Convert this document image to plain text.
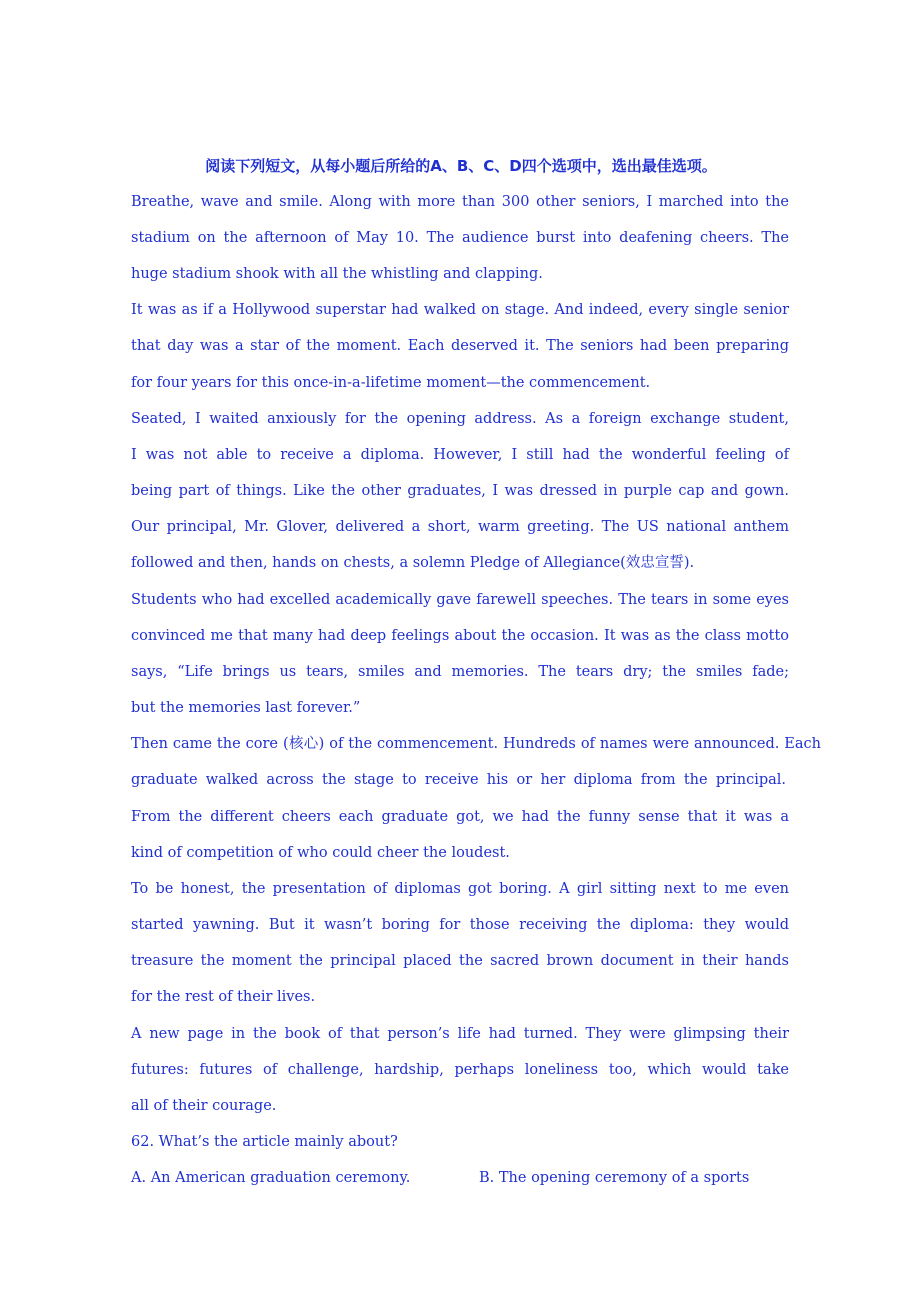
阅读下列短文，从每小题后所给的A、B、C、D四个选项中，选出最佳选项。
Breathe, wave and smile. Along with more than 300 other seniors, I marched into the
stadium on the afternoon of May 10. The audience burst into deafening cheers. The
huge stadium shook with all the whistling and clapping.
It was as if a Hollywood superstar had walked on stage. And indeed, every single senior
that day was a star of the moment. Each deserved it. The seniors had been preparing
for four years for this once-in-a-lifetime moment—the commencement.
Seated, I waited anxiously for the opening address. As a foreign exchange student,
I was not able to receive a diploma. However, I still had the wonderful feeling of
being part of things. Like the other graduates, I was dressed in purple cap and gown.
Our principal, Mr. Glover, delivered a short, warm greeting. The US national anthem
followed and then, hands on chests, a solemn Pledge of Allegiance(效忠宣誓).
Students who had excelled academically gave farewell speeches. The tears in some eyes
convinced me that many had deep feelings about the occasion. It was as the class motto
says, “Life brings us tears, smiles and memories. The tears dry; the smiles fade;
but the memories last forever.”
Then came the core (核心) of the commencement. Hundreds of names were announced. Each
graduate walked across the stage to receive his or her diploma from the principal.
From the different cheers each graduate got, we had the funny sense that it was a
kind of competition of who could cheer the loudest.
To be honest, the presentation of diplomas got boring. A girl sitting next to me even
started yawning. But it wasn’t boring for those receiving the diploma: they would
treasure the moment the principal placed the sacred brown document in their hands
for the rest of their lives.
A new page in the book of that person’s life had turned. They were glimpsing their
futures: futures of challenge, hardship, perhaps loneliness too, which would take
all of their courage.
62. What’s the article mainly about?
A. An American graduation ceremony.	B. The opening ceremony of a sports
